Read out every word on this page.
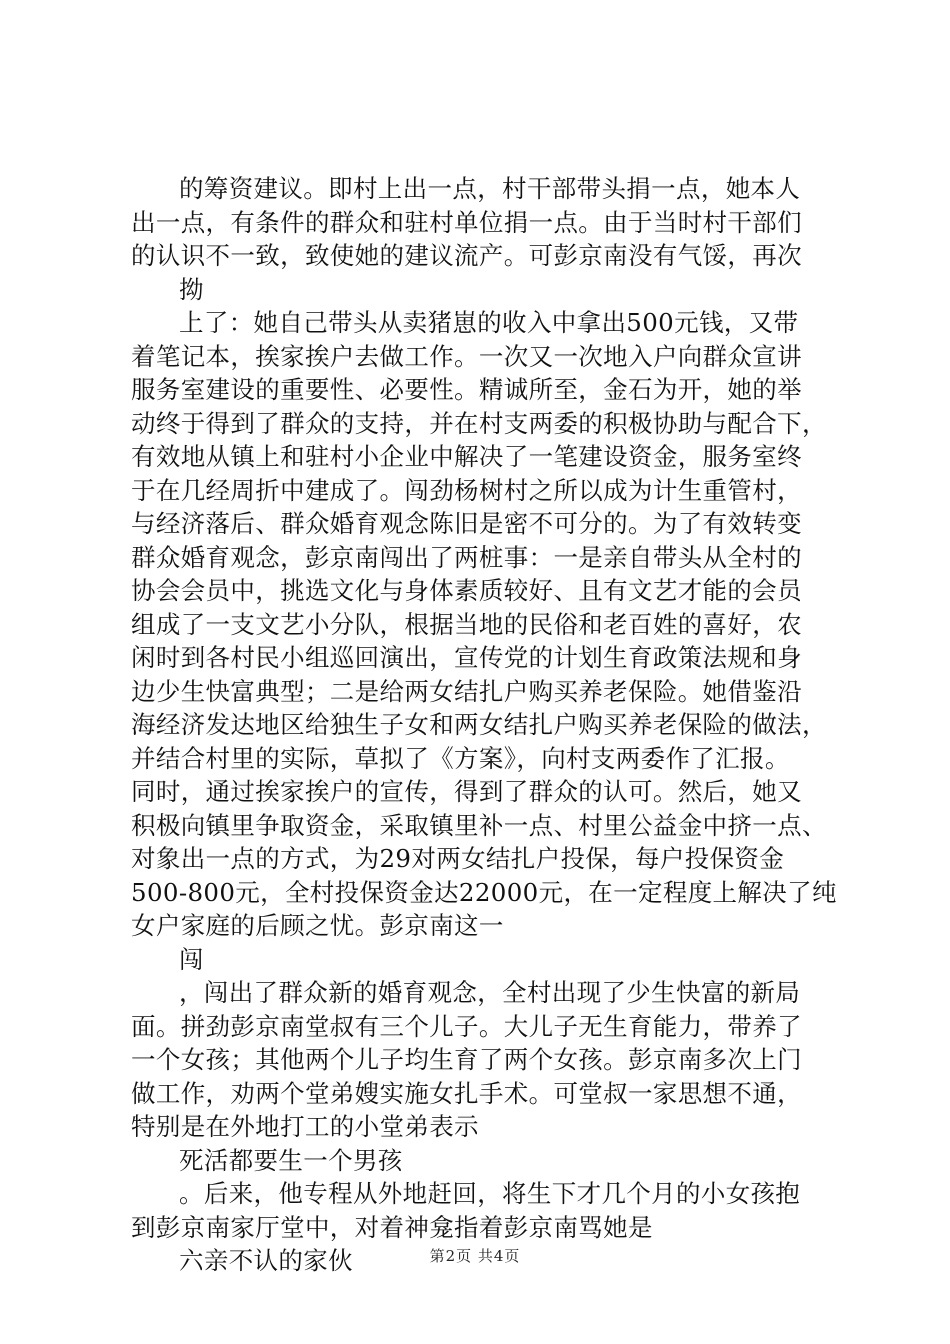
的筹资建议。即村上出一点，村干部带头捐一点，她本人
出一点，有条件的群众和驻村单位捐一点。由于当时村干部们
的认识不一致，致使她的建议流产。可彭京南没有气馁，再次
拗
上了：她自己带头从卖猪崽的收入中拿出500元钱，又带
着笔记本，挨家挨户去做工作。一次又一次地入户向群众宣讲
服务室建设的重要性、必要性。精诚所至，金石为开，她的举
动终于得到了群众的支持，并在村支两委的积极协助与配合下，
有效地从镇上和驻村小企业中解决了一笔建设资金，服务室终
于在几经周折中建成了。闯劲杨树村之所以成为计生重管村，
与经济落后、群众婚育观念陈旧是密不可分的。为了有效转变
群众婚育观念，彭京南闯出了两桩事：一是亲自带头从全村的
协会会员中，挑选文化与身体素质较好、且有文艺才能的会员
组成了一支文艺小分队，根据当地的民俗和老百姓的喜好，农
闲时到各村民小组巡回演出，宣传党的计划生育政策法规和身
边少生快富典型；二是给两女结扎户购买养老保险。她借鉴沿
海经济发达地区给独生子女和两女结扎户购买养老保险的做法，
并结合村里的实际，草拟了《方案》，向村支两委作了汇报。
同时，通过挨家挨户的宣传，得到了群众的认可。然后，她又
积极向镇里争取资金，采取镇里补一点、村里公益金中挤一点、
对象出一点的方式，为29对两女结扎户投保，每户投保资金
500-800元，全村投保资金达22000元，在一定程度上解决了纯
女户家庭的后顾之忧。彭京南这一
闯
，闯出了群众新的婚育观念，全村出现了少生快富的新局
面。拼劲彭京南堂叔有三个儿子。大儿子无生育能力，带养了
一个女孩；其他两个儿子均生育了两个女孩。彭京南多次上门
做工作，劝两个堂弟嫂实施女扎手术。可堂叔一家思想不通，
特别是在外地打工的小堂弟表示
死活都要生一个男孩
。后来，他专程从外地赶回，将生下才几个月的小女孩抱
到彭京南家厅堂中，对着神龛指着彭京南骂她是
六亲不认的家伙	第2页 共4页
